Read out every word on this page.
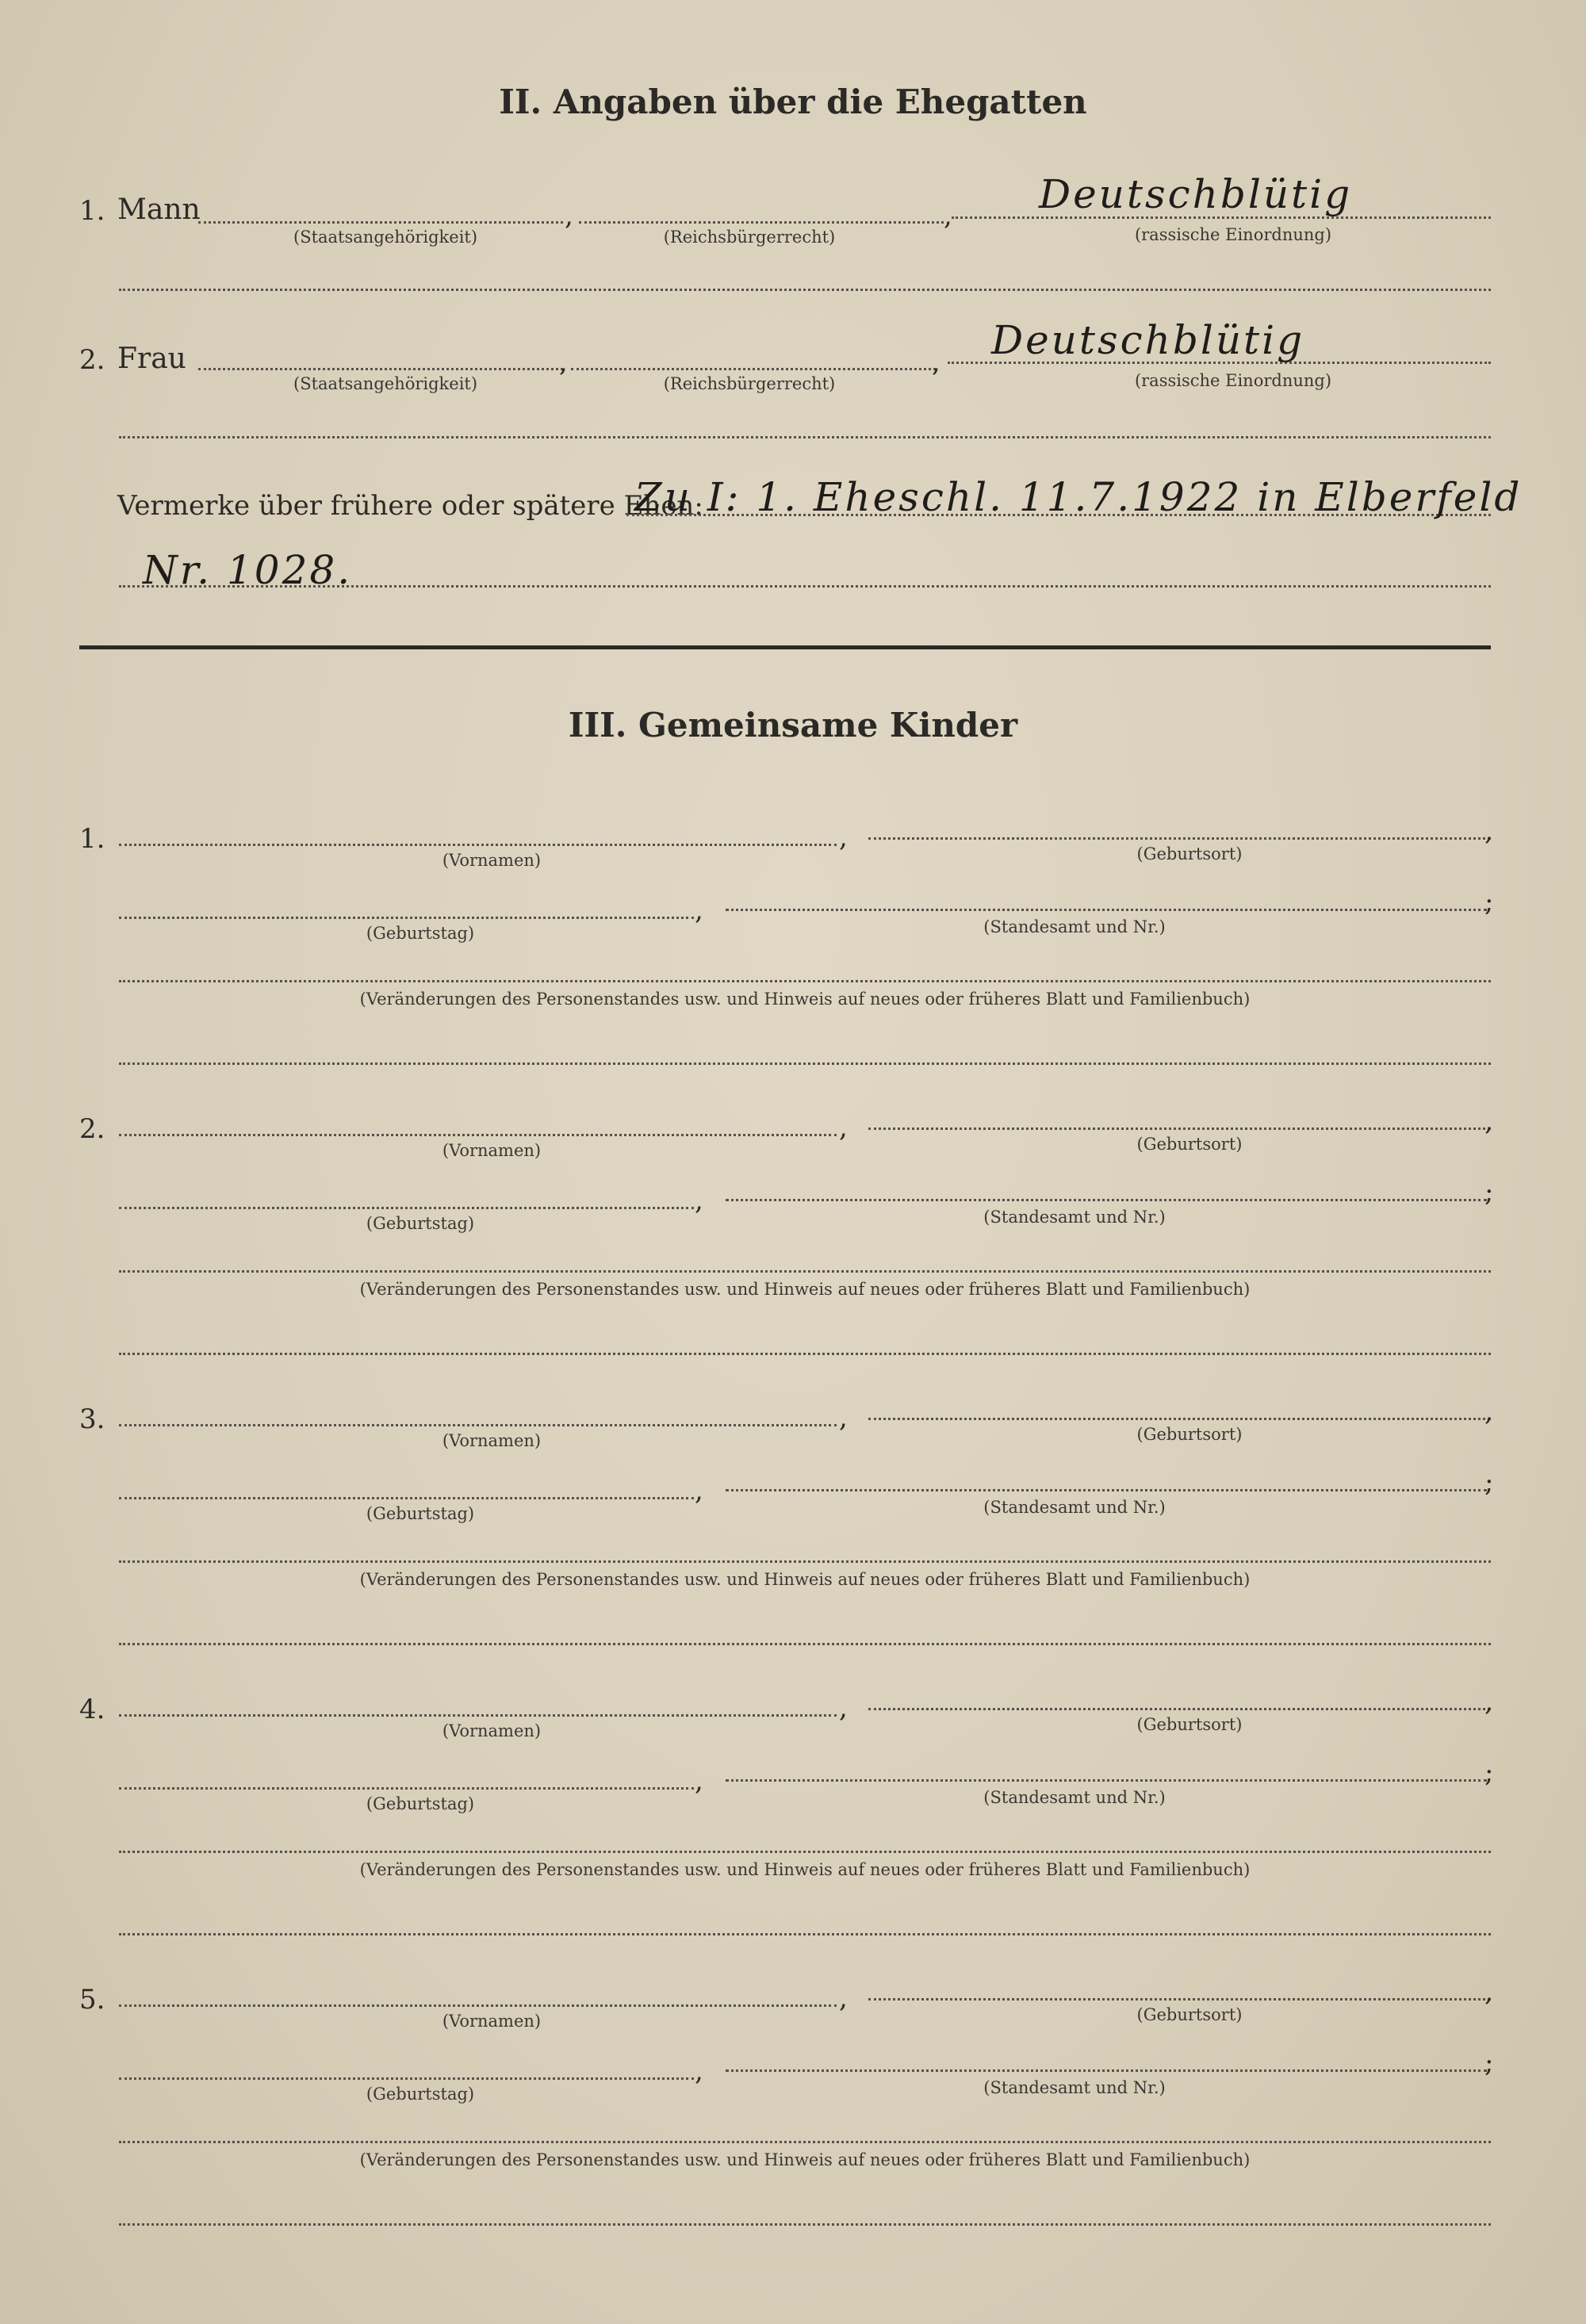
II. Angaben über die Ehegatten
1. Mann	,	, Deutschblütig
(Staatsangehörigkeit)	(Reichsbürgerrecht)	(rassische Einordnung)
2. Frau	,	, Deutschblütig
(Staatsangehörigkeit)	(Reichsbürgerrecht)	(rassische Einordnung)
Vermerke über frühere oder spätere Ehen:
Zu I: 1. Eheschl. 11.7.1922 in Elberfeld
Nr. 1028.
III. Gemeinsame Kinder
1.	,	,
(Vornamen)	(Geburtsort)
,	;
(Geburtstag)	(Standesamt und Nr.)
(Veränderungen des Personenstandes usw. und Hinweis auf neues oder früheres Blatt und Familienbuch)
2.	,	,
(Vornamen)	(Geburtsort)
,	;
(Geburtstag)	(Standesamt und Nr.)
(Veränderungen des Personenstandes usw. und Hinweis auf neues oder früheres Blatt und Familienbuch)
3.	,	,
(Vornamen)	(Geburtsort)
,	;
(Geburtstag)	(Standesamt und Nr.)
(Veränderungen des Personenstandes usw. und Hinweis auf neues oder früheres Blatt und Familienbuch)
4.	,	,
(Vornamen)	(Geburtsort)
,	;
(Geburtstag)	(Standesamt und Nr.)
(Veränderungen des Personenstandes usw. und Hinweis auf neues oder früheres Blatt und Familienbuch)
5.	,	,
(Vornamen)	(Geburtsort)
,	;
(Geburtstag)	(Standesamt und Nr.)
(Veränderungen des Personenstandes usw. und Hinweis auf neues oder früheres Blatt und Familienbuch)
